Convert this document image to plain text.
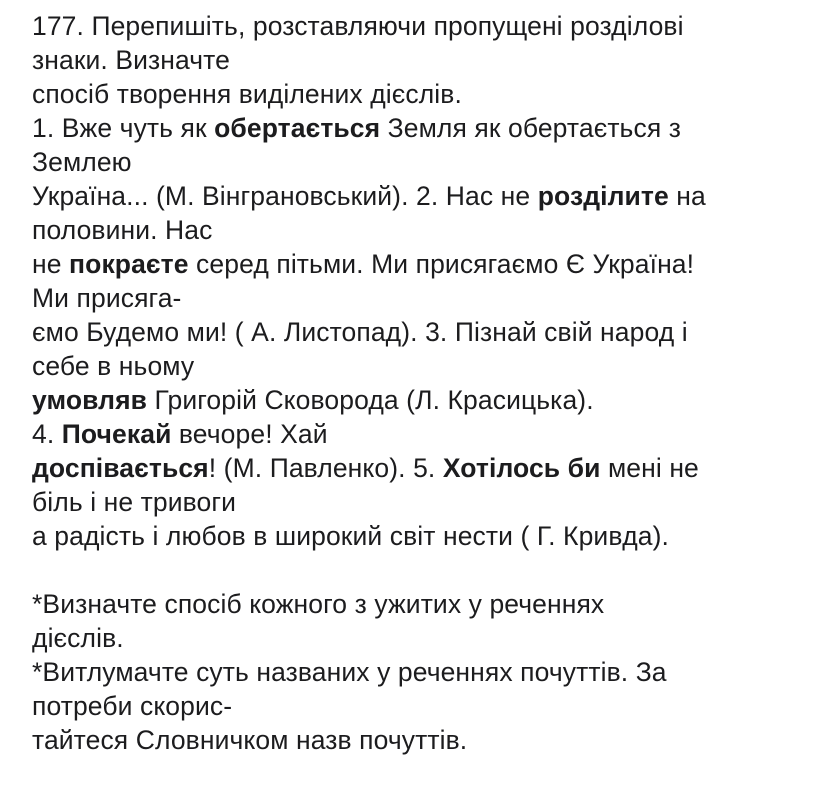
177. Перепишіть, розставляючи пропущені розділові
знаки. Визначте
спосіб творення виділених дієслів.
1. Вже чуть як обертається Земля як обертається з
Землею
Україна... (М. Вінграновський). 2. Нас не розділите на
половини. Нас
не покраєте серед пітьми. Ми присягаємо Є Україна!
Ми присяга-
ємо Будемо ми! ( А. Листопад). 3. Пізнай свій народ і
себе в ньому
умовляв Григорій Сковорода (Л. Красицька).
4. Почекай вечоре! Хай
доспівається! (М. Павленко). 5. Хотілось би мені не
біль і не тривоги
а радість і любов в широкий світ нести ( Г. Кривда).
*Визначте спосіб кожного з ужитих у реченнях
дієслів.
*Витлумачте суть названих у реченнях почуттів. За
потреби скорис-
тайтеся Словничком назв почуттів.
